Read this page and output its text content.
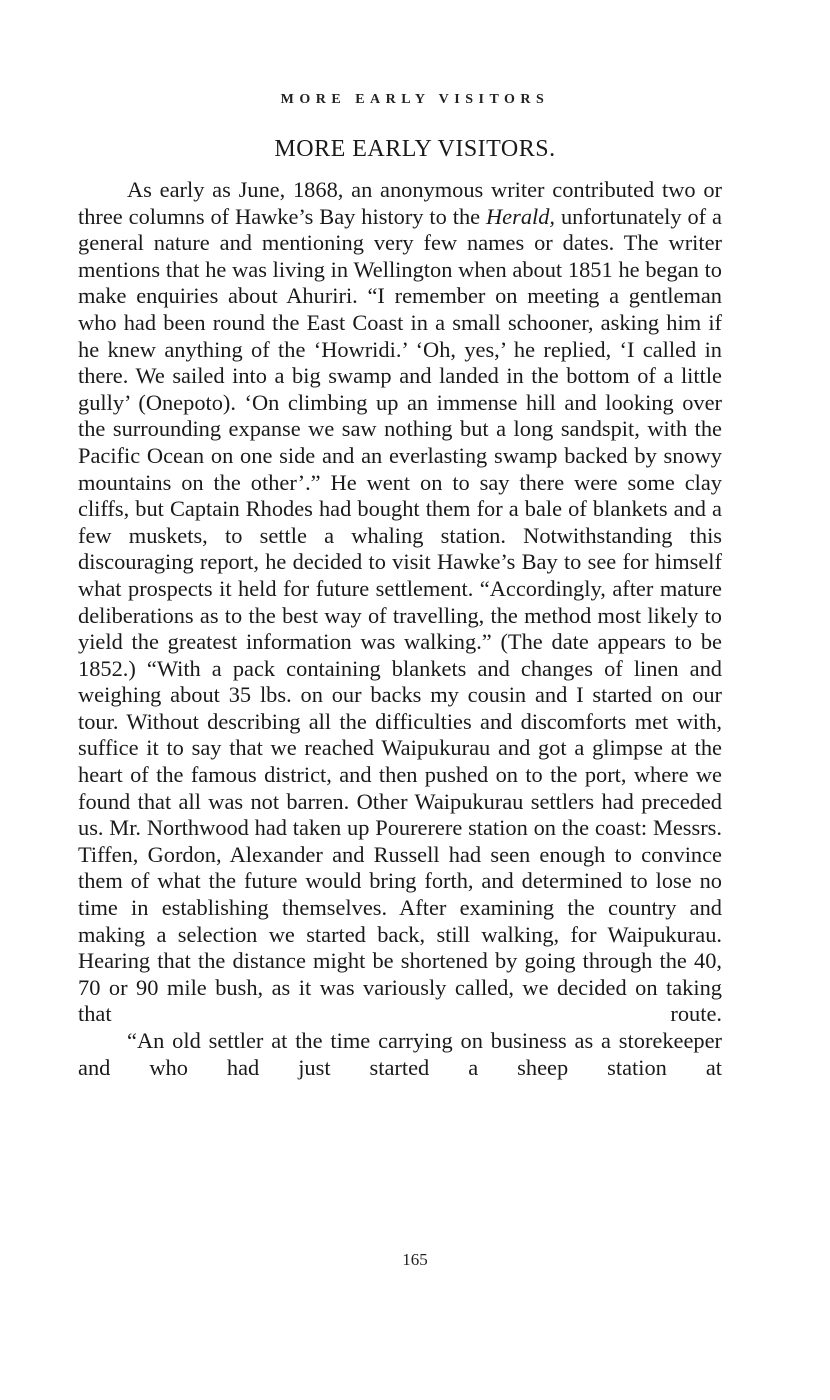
MORE EARLY VISITORS
MORE EARLY VISITORS.

As early as June, 1868, an anonymous writer contributed two or three columns of Hawke’s Bay history to the Herald, unfortunately of a general nature and mentioning very few names or dates. The writer mentions that he was living in Wellington when about 1851 he began to make enquiries about Ahuriri. “I remember on meeting a gentleman who had been round the East Coast in a small schooner, asking him if he knew anything of the ‘Howridi.’ ‘Oh, yes,’ he replied, ‘I called in there. We sailed into a big swamp and landed in the bottom of a little gully’ (Onepoto). ‘On climbing up an immense hill and looking over the surrounding expanse we saw nothing but a long sandspit, with the Pacific Ocean on one side and an everlasting swamp backed by snowy mountains on the other’.” He went on to say there were some clay cliffs, but Captain Rhodes had bought them for a bale of blankets and a few muskets, to settle a whaling station. Notwithstanding this discouraging report, he decided to visit Hawke’s Bay to see for himself what prospects it held for future settlement. “Accordingly, after mature deliberations as to the best way of travelling, the method most likely to yield the greatest information was walking.” (The date appears to be 1852.) “With a pack containing blankets and changes of linen and weighing about 35 lbs. on our backs my cousin and I started on our tour. Without describing all the difficulties and discomforts met with, suffice it to say that we reached Waipukurau and got a glimpse at the heart of the famous district, and then pushed on to the port, where we found that all was not barren. Other Waipukurau settlers had preceded us. Mr. Northwood had taken up Pourerere station on the coast: Messrs. Tiffen, Gordon, Alexander and Russell had seen enough to convince them of what the future would bring forth, and determined to lose no time in establishing themselves. After examining the country and making a selection we started back, still walking, for Waipukurau. Hearing that the distance might be shortened by going through the 40, 70 or 90 mile bush, as it was variously called, we decided on taking that route.

“An old settler at the time carrying on business as a storekeeper and who had just started a sheep station at

165
